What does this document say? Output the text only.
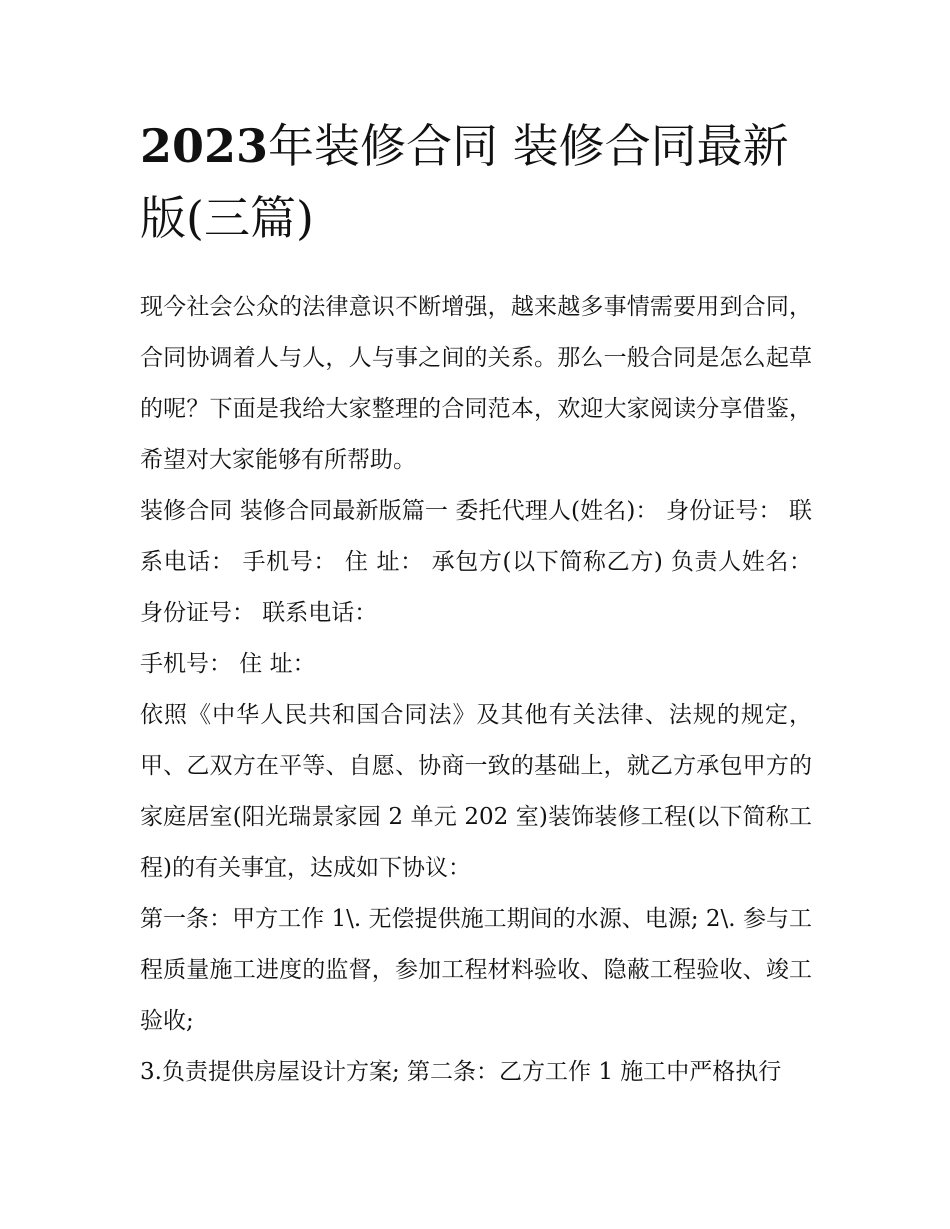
2023年装修合同 装修合同最新版(三篇)

现今社会公众的法律意识不断增强，越来越多事情需要用到合同，合同协调着人与人，人与事之间的关系。那么一般合同是怎么起草的呢？下面是我给大家整理的合同范本，欢迎大家阅读分享借鉴，希望对大家能够有所帮助。

装修合同 装修合同最新版篇一 委托代理人(姓名)： 身份证号： 联系电话： 手机号： 住 址： 承包方(以下简称乙方) 负责人姓名： 身份证号： 联系电话：

手机号： 住 址：

依照《中华人民共和国合同法》及其他有关法律、法规的规定，甲、乙双方在平等、自愿、协商一致的基础上，就乙方承包甲方的家庭居室(阳光瑞景家园 2 单元 202 室)装饰装修工程(以下简称工程)的有关事宜，达成如下协议：

第一条：甲方工作 1\. 无偿提供施工期间的水源、电源; 2\. 参与工程质量施工进度的监督，参加工程材料验收、隐蔽工程验收、竣工验收;

3.负责提供房屋设计方案; 第二条：乙方工作 1 施工中严格执行
